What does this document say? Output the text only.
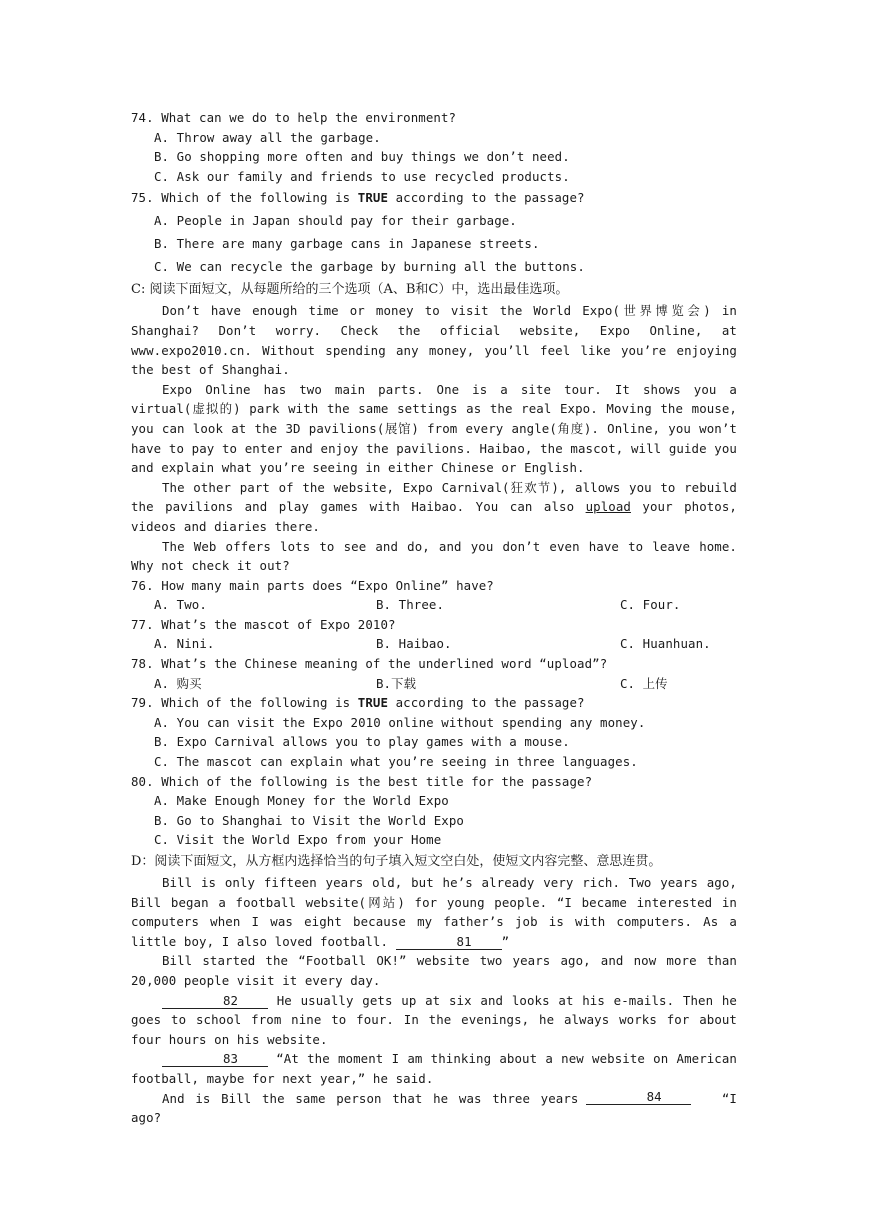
74. What can we do to help the environment?
A. Throw away all the garbage.
B. Go shopping more often and buy things we don’t need.
C. Ask our family and friends to use recycled products.
75. Which of the following is TRUE according to the passage?
A. People in Japan should pay for their garbage.
B. There are many garbage cans in Japanese streets.
C. We can recycle the garbage by burning all the buttons.
C: 阅读下面短文，从每题所给的三个选项（A、B和C）中，选出最佳选项。
Don’t have enough time or money to visit the World Expo(世界博览会) in Shanghai? Don’t worry. Check the official website, Expo Online, at www.expo2010.cn. Without spending any money, you’ll feel like you’re enjoying the best of Shanghai.
Expo Online has two main parts. One is a site tour. It shows you a virtual(虚拟的) park with the same settings as the real Expo. Moving the mouse, you can look at the 3D pavilions(展馆) from every angle(角度). Online, you won’t have to pay to enter and enjoy the pavilions. Haibao, the mascot, will guide you and explain what you’re seeing in either Chinese or English.
The other part of the website, Expo Carnival(狂欢节), allows you to rebuild the pavilions and play games with Haibao. You can also upload your photos, videos and diaries there.
The Web offers lots to see and do, and you don’t even have to leave home. Why not check it out?
76. How many main parts does “Expo Online” have?
A. Two.	B. Three.	C. Four.
77. What’s the mascot of Expo 2010?
A. Nini.	B. Haibao.	C. Huanhuan.
78. What’s the Chinese meaning of the underlined word “upload”?
A. 购买	B.下载	C. 上传
79. Which of the following is TRUE according to the passage?
A. You can visit the Expo 2010 online without spending any money.
B. Expo Carnival allows you to play games with a mouse.
C. The mascot can explain what you’re seeing in three languages.
80. Which of the following is the best title for the passage?
A. Make Enough Money for the World Expo
B. Go to Shanghai to Visit the World Expo
C. Visit the World Expo from your Home
D：阅读下面短文，从方框内选择恰当的句子填入短文空白处，使短文内容完整、意思连贯。
Bill is only fifteen years old, but he’s already very rich. Two years ago, Bill began a football website(网站) for young people. “I became interested in computers when I was eight because my father’s job is with computers. As a little boy, I also loved football.	81 ”
Bill started the “Football OK!” website two years ago, and now more than 20,000 people visit it every day.
82 He usually gets up at six and looks at his e-mails. Then he goes to school from nine to four. In the evenings, he always works for about four hours on his website.
83 “At the moment I am thinking about a new website on American football, maybe for next year,” he said.
And is Bill the same person that he was three years ago?
84	“I
